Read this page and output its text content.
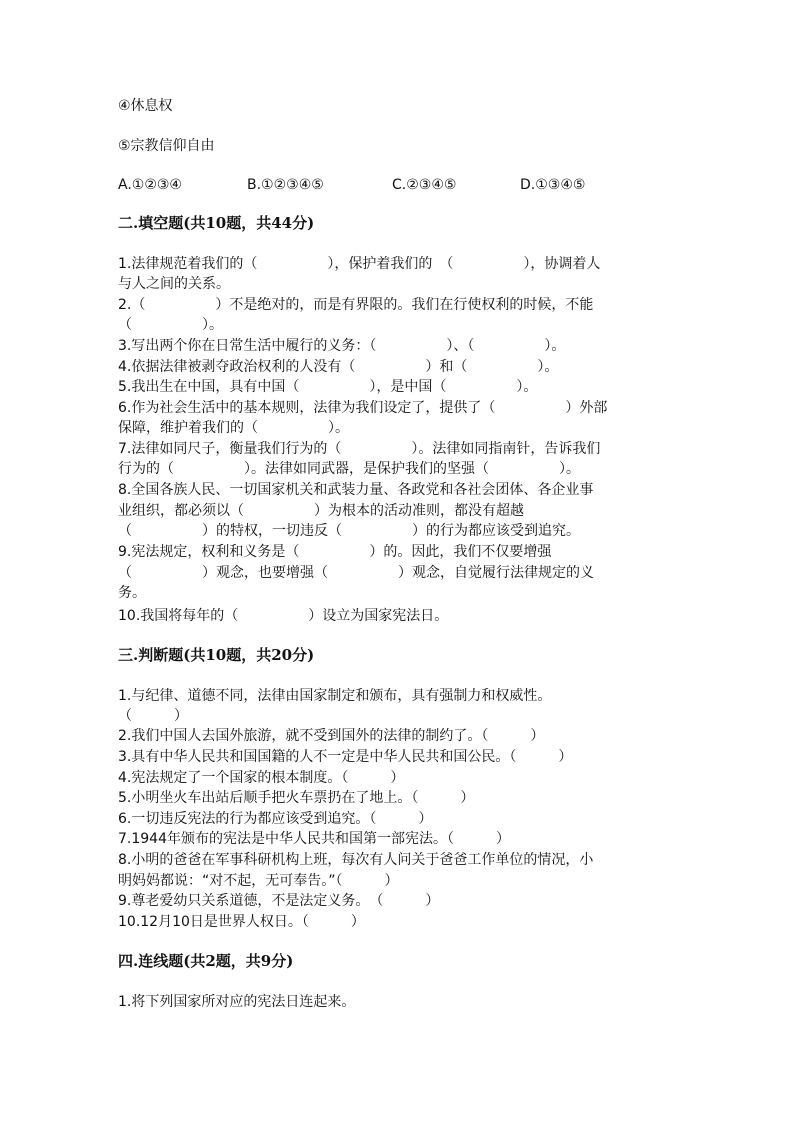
④休息权
⑤宗教信仰自由
A.①②③④	B.①②③④⑤	C.②③④⑤	D.①③④⑤
二.填空题(共10题，共44分)
1.法律规范着我们的（　　　　　），保护着我们的　（　　　　　），协调着人
与人之间的关系。
2.（　　　　　）不是绝对的，而是有界限的。我们在行使权利的时候，不能
（　　　　　）。
3.写出两个你在日常生活中履行的义务：（　　　　　）、（　　　　　）。
4.依据法律被剥夺政治权利的人没有（　　　　　）和（　　　　　）。
5.我出生在中国，具有中国（　　　　　），是中国（　　　　　）。
6.作为社会生活中的基本规则，法律为我们设定了，提供了（　　　　　）外部
保障，维护着我们的（　　　　　）。
7.法律如同尺子，衡量我们行为的（　　　　　）。法律如同指南针，告诉我们
行为的（　　　　　）。法律如同武器，是保护我们的坚强（　　　　　）。
8.全国各族人民、一切国家机关和武装力量、各政党和各社会团体、各企业事
业组织，都必须以（　　　　　）为根本的活动准则，都没有超越
（　　　　　）的特权，一切违反（　　　　　）的行为都应该受到追究。
9.宪法规定，权利和义务是（　　　　　）的。因此，我们不仅要增强
（　　　　　）观念，也要增强（　　　　　）观念，自觉履行法律规定的义
务。
10.我国将每年的（　　　　　）设立为国家宪法日。
三.判断题(共10题，共20分)
1.与纪律、道德不同，法律由国家制定和颁布，具有强制力和权威性。
（　　　）
2.我们中国人去国外旅游，就不受到国外的法律的制约了。（　　　）
3.具有中华人民共和国国籍的人不一定是中华人民共和国公民。（　　　）
4.宪法规定了一个国家的根本制度。（　　　）
5.小明坐火车出站后顺手把火车票扔在了地上。（　　　）
6.一切违反宪法的行为都应该受到追究。（　　　）
7.1944年颁布的宪法是中华人民共和国第一部宪法。（　　　）
8.小明的爸爸在军事科研机构上班，每次有人问关于爸爸工作单位的情况，小
明妈妈都说：“对不起，无可奉告。”（　　　）
9.尊老爱幼只关系道德，不是法定义务。　（　　　）
10.12月10日是世界人权日。（　　　）
四.连线题(共2题，共9分)
1.将下列国家所对应的宪法日连起来。
